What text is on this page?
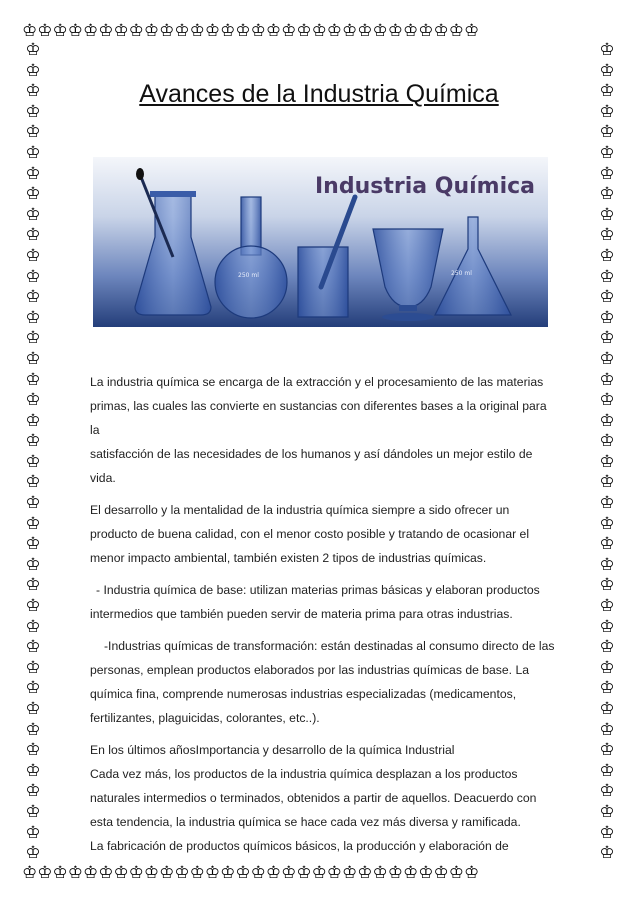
♔♔♔♔♔♔♔♔♔♔♔♔♔♔♔♔♔♔♔♔♔♔♔♔♔♔♔♔♔♔
♔♔♔♔♔♔♔♔♔♔♔♔♔♔♔♔♔♔♔♔♔♔♔♔♔♔♔♔♔♔
♔
♔
♔
♔
♔
♔
♔
♔
♔
♔
♔
♔
♔
♔
♔
♔
♔
♔
♔
♔
♔
♔
♔
♔
♔
♔
♔
♔
♔
♔
♔
♔
♔
♔
♔
♔
♔
♔
♔
♔
♔
♔
♔
♔
♔
♔
♔
♔
♔
♔
♔
♔
♔
♔
♔
♔
♔
♔
♔
♔
♔
♔
♔
♔
♔
♔
♔
♔
♔
♔
♔
♔
♔
♔
♔
♔
♔
♔
♔
♔
Avances de la Industria Química
250 ml	250 ml
Industria Química

La industria química se encarga de la extracción y el procesamiento de las materias

primas, las cuales las convierte en sustancias con diferentes bases a la original para la

satisfacción de las necesidades de los humanos y así dándoles un mejor estilo de vida.

El desarrollo y la mentalidad de la industria química siempre a sido ofrecer un

producto de buena calidad, con el menor costo posible y tratando de ocasionar el

menor impacto ambiental, también existen 2 tipos de industrias químicas.

- Industria química de base: utilizan materias primas básicas y elaboran productos

intermedios que también pueden servir de materia prima para otras industrias.

-Industrias químicas de transformación: están destinadas al consumo directo de las

personas, emplean productos elaborados por las industrias químicas de base. La

química fina, comprende numerosas industrias especializadas (medicamentos,

fertilizantes, plaguicidas, colorantes, etc..).

En los últimos añosImportancia y desarrollo de la química Industrial

Cada vez más, los productos de la industria química desplazan a los productos

naturales intermedios o terminados, obtenidos a partir de aquellos. Deacuerdo con

esta tendencia, la industria química se hace cada vez más diversa y ramificada.

La fabricación de productos químicos básicos, la producción y elaboración de
